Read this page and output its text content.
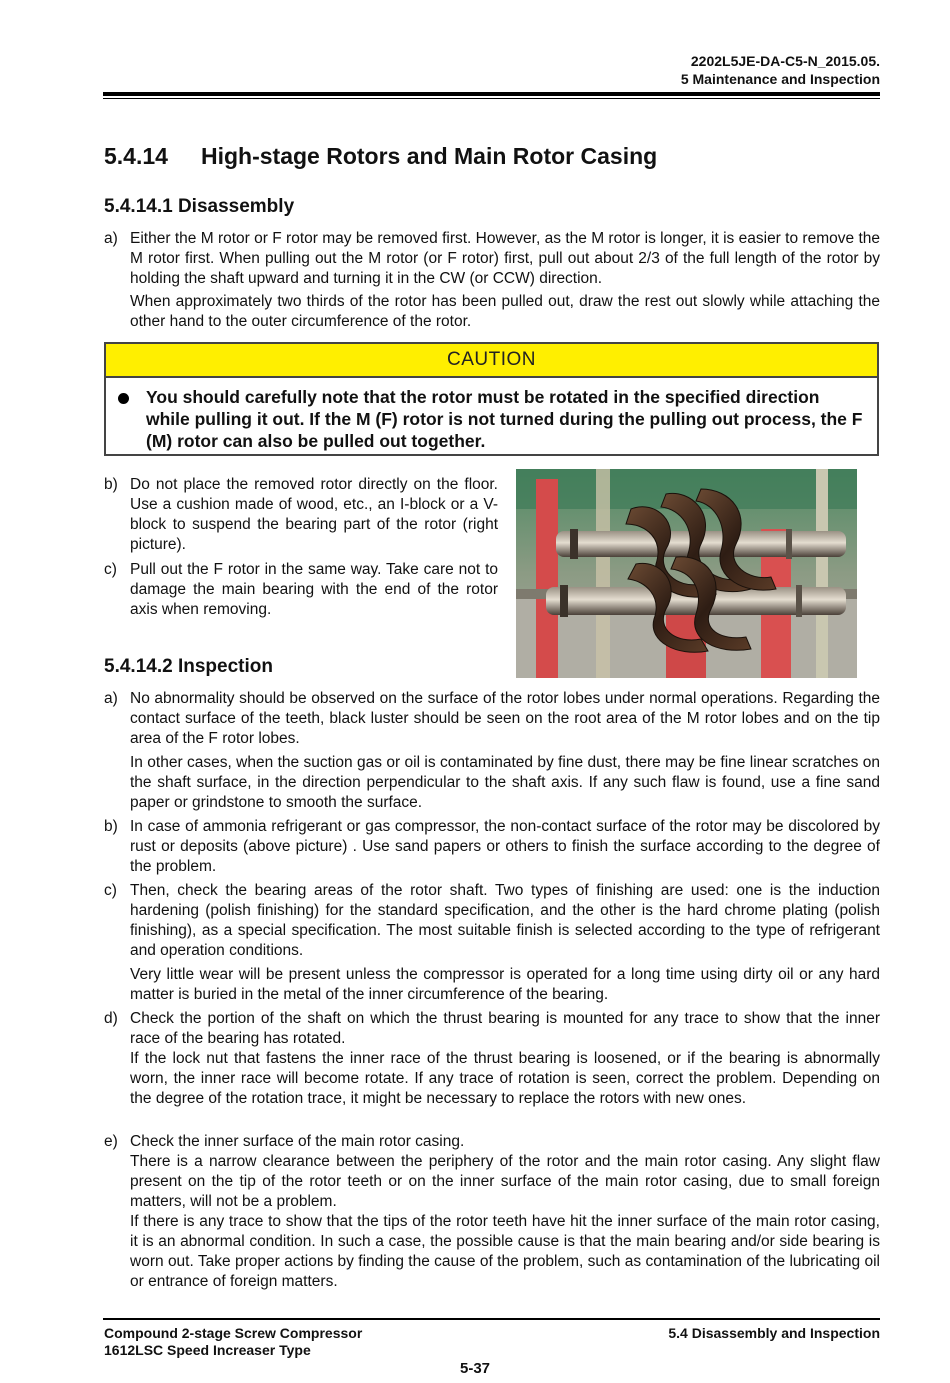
2202L5JE-DA-C5-N_2015.05.
5 Maintenance and Inspection
5.4.14 High-stage Rotors and Main Rotor Casing
5.4.14.1 Disassembly
a) Either the M rotor or F rotor may be removed first. However, as the M rotor is longer, it is easier to remove the M rotor first. When pulling out the M rotor (or F rotor) first, pull out about 2/3 of the full length of the rotor by holding the shaft upward and turning it in the CW (or CCW) direction.
When approximately two thirds of the rotor has been pulled out, draw the rest out slowly while attaching the other hand to the outer circumference of the rotor.
CAUTION
You should carefully note that the rotor must be rotated in the specified direction while pulling it out. If the M (F) rotor is not turned during the pulling out process, the F (M) rotor can also be pulled out together.
b) Do not place the removed rotor directly on the floor. Use a cushion made of wood, etc., an I-block or a V-block to suspend the bearing part of the rotor (right picture).
c) Pull out the F rotor in the same way. Take care not to damage the main bearing with the end of the rotor axis when removing.
5.4.14.2 Inspection
a) No abnormality should be observed on the surface of the rotor lobes under normal operations. Regarding the contact surface of the teeth, black luster should be seen on the root area of the M rotor lobes and on the tip area of the F rotor lobes.
In other cases, when the suction gas or oil is contaminated by fine dust, there may be fine linear scratches on the shaft surface, in the direction perpendicular to the shaft axis. If any such flaw is found, use a fine sand paper or grindstone to smooth the surface.
b) In case of ammonia refrigerant or gas compressor, the non-contact surface of the rotor may be discolored by rust or deposits (above picture) . Use sand papers or others to finish the surface according to the degree of the problem.
c) Then, check the bearing areas of the rotor shaft. Two types of finishing are used: one is the induction hardening (polish finishing) for the standard specification, and the other is the hard chrome plating (polish finishing), as a special specification. The most suitable finish is selected according to the type of refrigerant and operation conditions.
Very little wear will be present unless the compressor is operated for a long time using dirty oil or any hard matter is buried in the metal of the inner circumference of the bearing.
d) Check the portion of the shaft on which the thrust bearing is mounted for any trace to show that the inner race of the bearing has rotated.
If the lock nut that fastens the inner race of the thrust bearing is loosened, or if the bearing is abnormally worn, the inner race will become rotate. If any trace of rotation is seen, correct the problem. Depending on the degree of the rotation trace, it might be necessary to replace the rotors with new ones.
e) Check the inner surface of the main rotor casing.
There is a narrow clearance between the periphery of the rotor and the main rotor casing. Any slight flaw present on the tip of the rotor teeth or on the inner surface of the main rotor casing, due to small foreign matters, will not be a problem.
If there is any trace to show that the tips of the rotor teeth have hit the inner surface of the main rotor casing, it is an abnormal condition. In such a case, the possible cause is that the main bearing and/or side bearing is worn out. Take proper actions by finding the cause of the problem, such as contamination of the lubricating oil or entrance of foreign matters.
Compound 2-stage Screw Compressor
1612LSC Speed Increaser Type
5.4 Disassembly and Inspection
5-37
